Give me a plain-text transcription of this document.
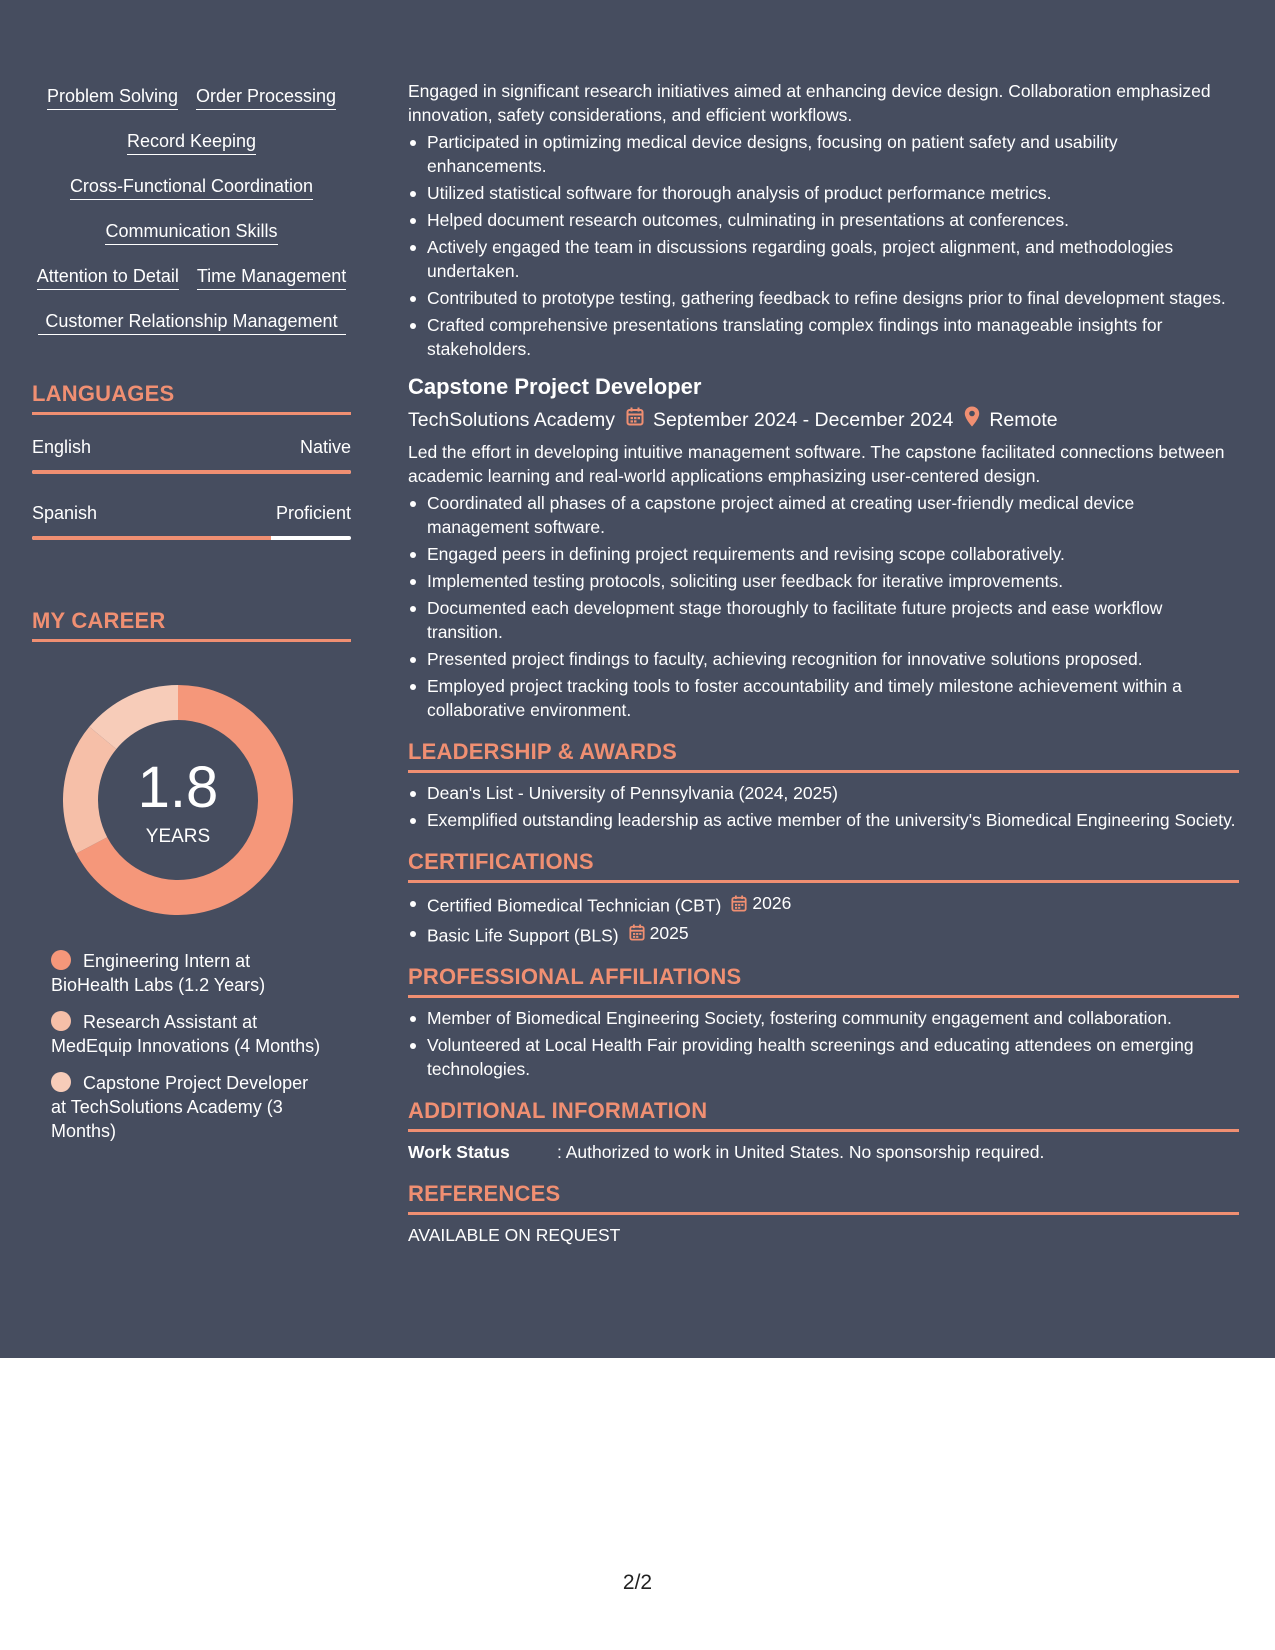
Problem Solving Order Processing
Record Keeping
Cross-Functional Coordination
Communication Skills
Attention to Detail Time Management
Customer Relationship Management
LANGUAGES
English	Native
Spanish	Proficient
MY CAREER
1.8
YEARS
Engineering Intern at BioHealth Labs (1.2 Years)
Research Assistant at MedEquip Innovations (4 Months)
Capstone Project Developer at TechSolutions Academy (3 Months)
Engaged in significant research initiatives aimed at enhancing device design. Collaboration emphasized innovation, safety considerations, and efficient workflows.
Participated in optimizing medical device designs, focusing on patient safety and usability enhancements.
Utilized statistical software for thorough analysis of product performance metrics.
Helped document research outcomes, culminating in presentations at conferences.
Actively engaged the team in discussions regarding goals, project alignment, and methodologies undertaken.
Contributed to prototype testing, gathering feedback to refine designs prior to final development stages.
Crafted comprehensive presentations translating complex findings into manageable insights for stakeholders.
Capstone Project Developer
TechSolutions Academy September 2024 - December 2024 Remote
Led the effort in developing intuitive management software. The capstone facilitated connections between academic learning and real-world applications emphasizing user-centered design.
Coordinated all phases of a capstone project aimed at creating user-friendly medical device management software.
Engaged peers in defining project requirements and revising scope collaboratively.
Implemented testing protocols, soliciting user feedback for iterative improvements.
Documented each development stage thoroughly to facilitate future projects and ease workflow transition.
Presented project findings to faculty, achieving recognition for innovative solutions proposed.
Employed project tracking tools to foster accountability and timely milestone achievement within a collaborative environment.
LEADERSHIP & AWARDS
Dean's List - University of Pennsylvania (2024, 2025)
Exemplified outstanding leadership as active member of the university's Biomedical Engineering Society.
CERTIFICATIONS
Certified Biomedical Technician (CBT) 2026
Basic Life Support (BLS) 2025
PROFESSIONAL AFFILIATIONS
Member of Biomedical Engineering Society, fostering community engagement and collaboration.
Volunteered at Local Health Fair providing health screenings and educating attendees on emerging technologies.
ADDITIONAL INFORMATION
Work Status	: Authorized to work in United States. No sponsorship required.
REFERENCES
AVAILABLE ON REQUEST
2/2
